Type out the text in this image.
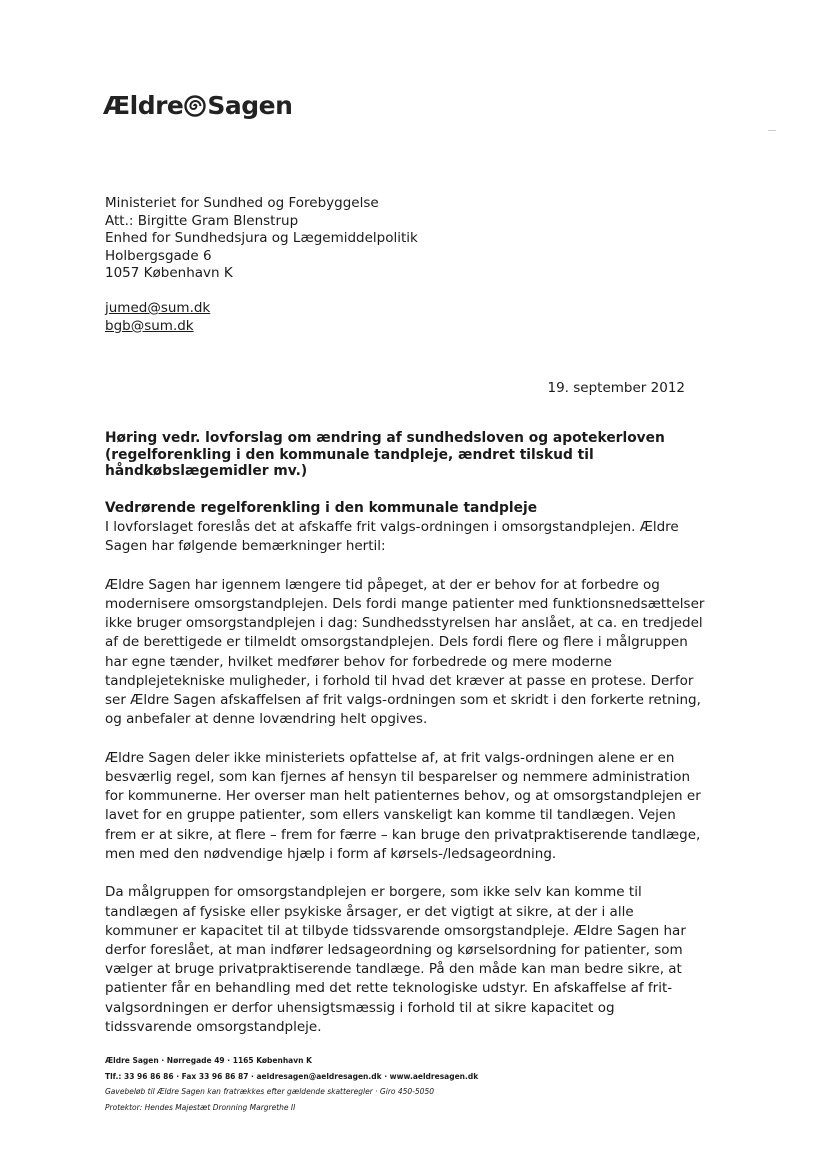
Ældre Sagen
Ministeriet for Sundhed og Forebyggelse
Att.: Birgitte Gram Blenstrup
Enhed for Sundhedsjura og Lægemiddelpolitik
Holbergsgade 6
1057 København K
jumed@sum.dk
bgb@sum.dk
19. september 2012
Høring vedr. lovforslag om ændring af sundhedsloven og apotekerloven (regelforenkling i den kommunale tandpleje, ændret tilskud til håndkøbslægemidler mv.)
Vedrørende regelforenkling i den kommunale tandpleje

I lovforslaget foreslås det at afskaffe frit valgs-ordningen i omsorgstandplejen. Ældre Sagen har følgende bemærkninger hertil:

Ældre Sagen har igennem længere tid påpeget, at der er behov for at forbedre og modernisere omsorgstandplejen. Dels fordi mange patienter med funktionsnedsættelser ikke bruger omsorgstandplejen i dag: Sundhedsstyrelsen har anslået, at ca. en tredjedel af de berettigede er tilmeldt omsorgstandplejen. Dels fordi flere og flere i målgruppen har egne tænder, hvilket medfører behov for forbedrede og mere moderne tandplejetekniske muligheder, i forhold til hvad det kræver at passe en protese. Derfor ser Ældre Sagen afskaffelsen af frit valgs-ordningen som et skridt i den forkerte retning, og anbefaler at denne lovændring helt opgives.

Ældre Sagen deler ikke ministeriets opfattelse af, at frit valgs-ordningen alene er en besværlig regel, som kan fjernes af hensyn til besparelser og nemmere administration for kommunerne. Her overser man helt patienternes behov, og at omsorgstandplejen er lavet for en gruppe patienter, som ellers vanskeligt kan komme til tandlægen. Vejen frem er at sikre, at flere – frem for færre – kan bruge den privatpraktiserende tandlæge, men med den nødvendige hjælp i form af kørsels-/ledsageordning.

Da målgruppen for omsorgstandplejen er borgere, som ikke selv kan komme til tandlægen af fysiske eller psykiske årsager, er det vigtigt at sikre, at der i alle kommuner er kapacitet til at tilbyde tidssvarende omsorgstandpleje. Ældre Sagen har derfor foreslået, at man indfører ledsageordning og kørselsordning for patienter, som vælger at bruge privatpraktiserende tandlæge. På den måde kan man bedre sikre, at patienter får en behandling med det rette teknologiske udstyr. En afskaffelse af frit-valgsordningen er derfor uhensigtsmæssig i forhold til at sikre kapacitet og tidssvarende omsorgstandpleje.

Ældre Sagen · Nørregade 49 · 1165 København K
Tlf.: 33 96 86 86 · Fax 33 96 86 87 · aeldresagen@aeldresagen.dk · www.aeldresagen.dk
Gavebeløb til Ældre Sagen kan fratrækkes efter gældende skatteregler · Giro 450-5050
Protektor: Hendes Majestæt Dronning Margrethe II
